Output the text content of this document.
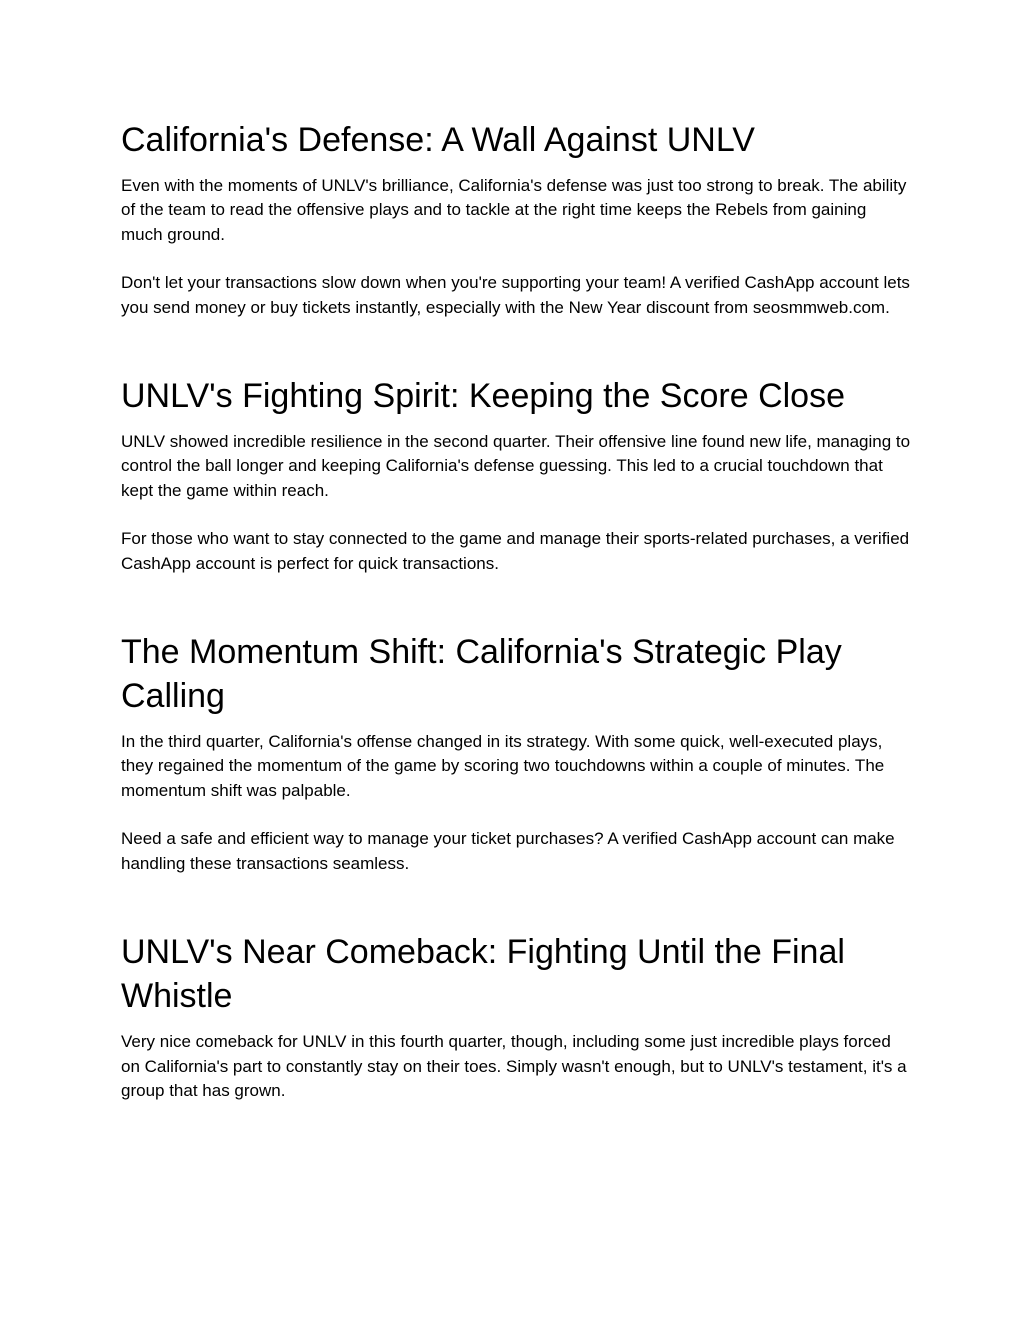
California's Defense: A Wall Against UNLV

Even with the moments of UNLV's brilliance, California's defense was just too strong to break. The ability of the team to read the offensive plays and to tackle at the right time keeps the Rebels from gaining much ground.

Don't let your transactions slow down when you're supporting your team! A verified CashApp account lets you send money or buy tickets instantly, especially with the New Year discount from seosmmweb.com.

UNLV's Fighting Spirit: Keeping the Score Close

UNLV showed incredible resilience in the second quarter. Their offensive line found new life, managing to control the ball longer and keeping California's defense guessing. This led to a crucial touchdown that kept the game within reach.

For those who want to stay connected to the game and manage their sports-related purchases, a verified CashApp account is perfect for quick transactions.

The Momentum Shift: California's Strategic Play Calling

In the third quarter, California's offense changed in its strategy. With some quick, well-executed plays, they regained the momentum of the game by scoring two touchdowns within a couple of minutes. The momentum shift was palpable.

Need a safe and efficient way to manage your ticket purchases? A verified CashApp account can make handling these transactions seamless.

UNLV's Near Comeback: Fighting Until the Final Whistle

Very nice comeback for UNLV in this fourth quarter, though, including some just incredible plays forced on California's part to constantly stay on their toes. Simply wasn't enough, but to UNLV's testament, it's a group that has grown.
